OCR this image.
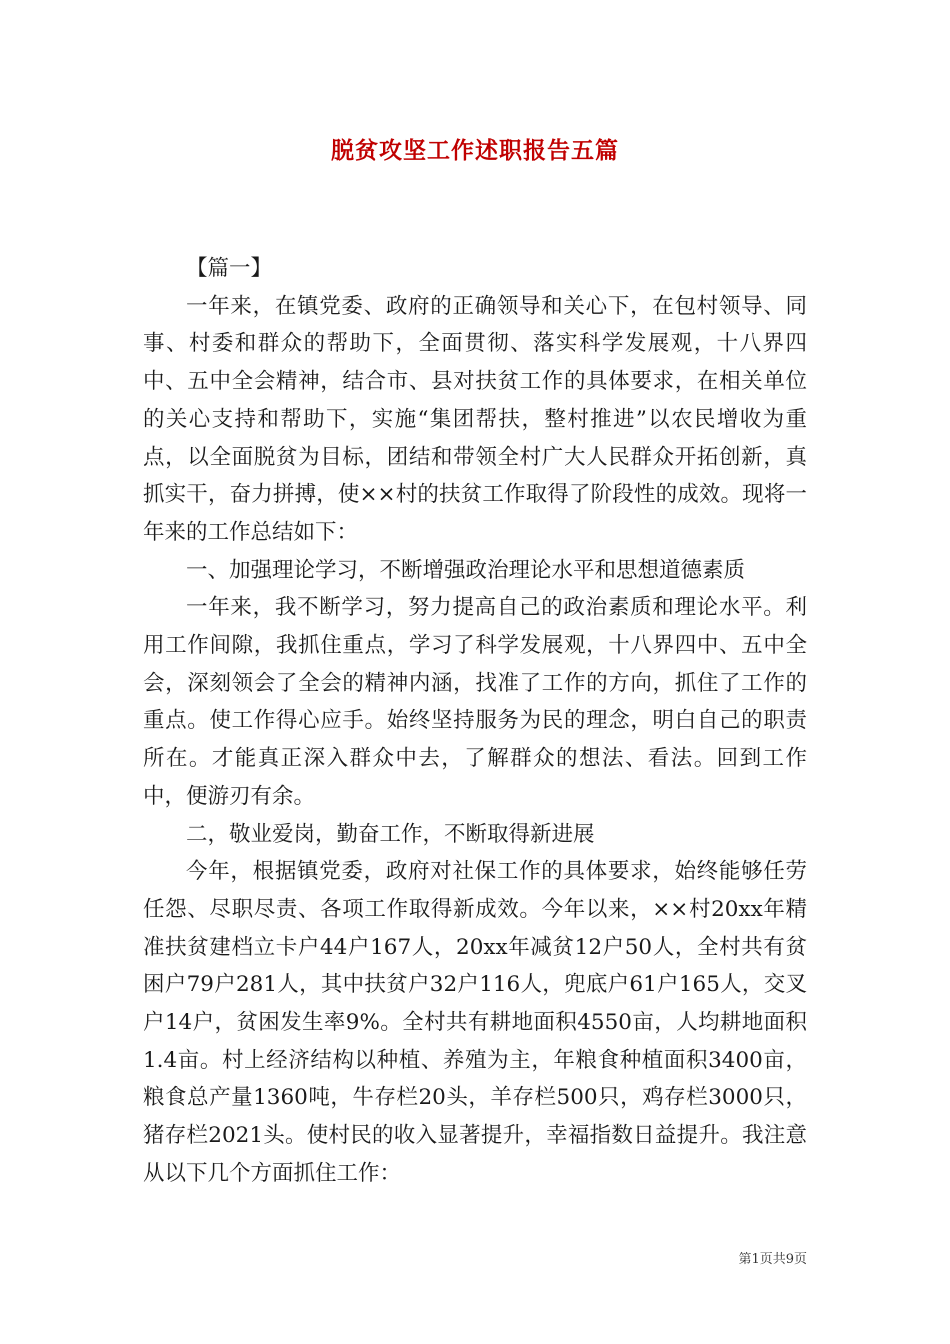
脱贫攻坚工作述职报告五篇

【篇一】

一年来，在镇党委、政府的正确领导和关心下，在包村领导、同事、村委和群众的帮助下，全面贯彻、落实科学发展观，十八界四中、五中全会精神，结合市、县对扶贫工作的具体要求，在相关单位的关心支持和帮助下，实施“集团帮扶，整村推进”以农民增收为重点，以全面脱贫为目标，团结和带领全村广大人民群众开拓创新，真抓实干，奋力拼搏，使××村的扶贫工作取得了阶段性的成效。现将一年来的工作总结如下：

一、加强理论学习，不断增强政治理论水平和思想道德素质

一年来，我不断学习，努力提高自己的政治素质和理论水平。利用工作间隙，我抓住重点，学习了科学发展观，十八界四中、五中全会，深刻领会了全会的精神内涵，找准了工作的方向，抓住了工作的重点。使工作得心应手。始终坚持服务为民的理念，明白自己的职责所在。才能真正深入群众中去，了解群众的想法、看法。回到工作中，便游刃有余。

二，敬业爱岗，勤奋工作，不断取得新进展

今年，根据镇党委，政府对社保工作的具体要求，始终能够任劳任怨、尽职尽责、各项工作取得新成效。今年以来，××村20xx年精准扶贫建档立卡户44户167人，20xx年减贫12户50人，全村共有贫困户79户281人，其中扶贫户32户116人，兜底户61户165人，交叉户14户，贫困发生率9%。全村共有耕地面积4550亩，人均耕地面积1.4亩。村上经济结构以种植、养殖为主，年粮食种植面积3400亩，粮食总产量1360吨，牛存栏20头，羊存栏500只，鸡存栏3000只，猪存栏2021头。使村民的收入显著提升，幸福指数日益提升。我注意从以下几个方面抓住工作：

第1页共9页
